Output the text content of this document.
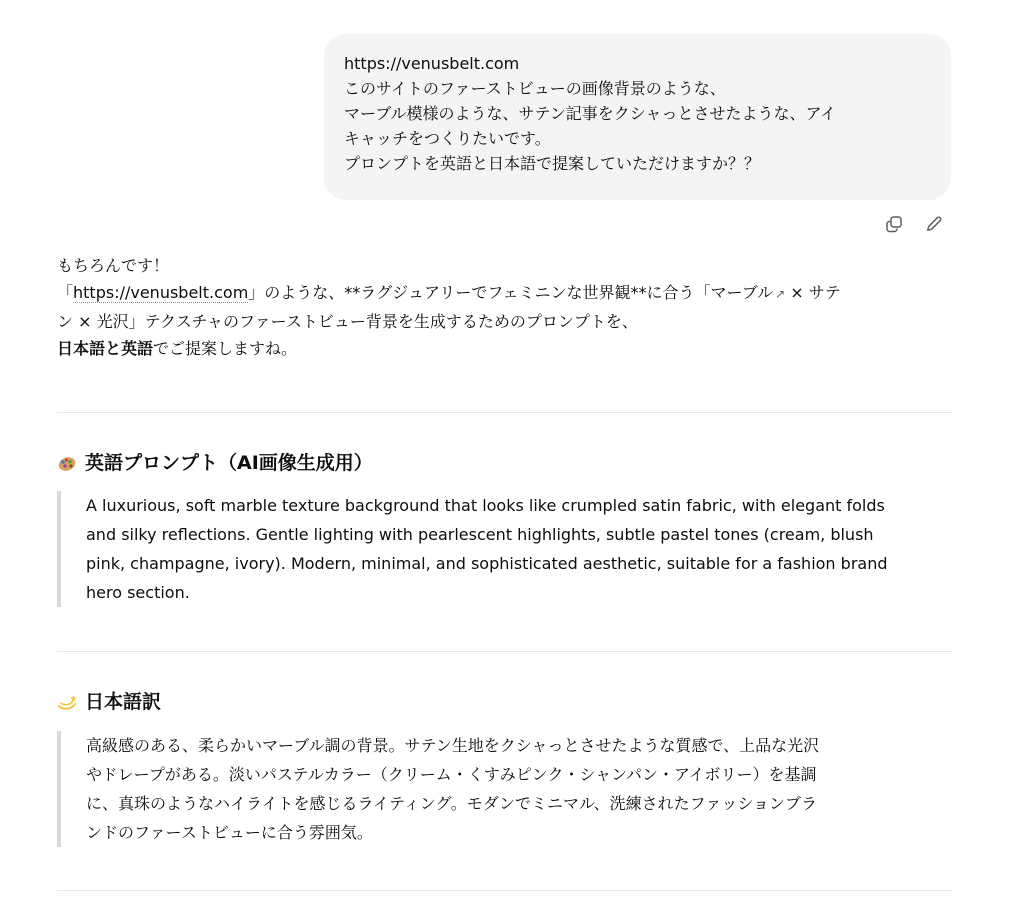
https://venusbelt.com
このサイトのファーストビューの画像背景のような、
マーブル模様のような、サテン記事をクシャっとさせたような、アイ
キャッチをつくりたいです。
プロンプトを英語と日本語で提案していただけますか？？
もちろんです！
「https://venusbelt.com」のような、**ラグジュアリーでフェミニンな世界観**に合う「マーブル ↗ × サテ
ン × 光沢」テクスチャのファーストビュー背景を生成するためのプロンプトを、
日本語と英語でご提案しますね。
英語プロンプト（AI画像生成用）
A luxurious, soft marble texture background that looks like crumpled satin fabric, with elegant folds
and silky reflections. Gentle lighting with pearlescent highlights, subtle pastel tones (cream, blush
pink, champagne, ivory). Modern, minimal, and sophisticated aesthetic, suitable for a fashion brand
hero section.
日本語訳
高級感のある、柔らかいマーブル調の背景。サテン生地をクシャっとさせたような質感で、上品な光沢
やドレープがある。淡いパステルカラー（クリーム・くすみピンク・シャンパン・アイボリー）を基調
に、真珠のようなハイライトを感じるライティング。モダンでミニマル、洗練されたファッションブラ
ンドのファーストビューに合う雰囲気。
